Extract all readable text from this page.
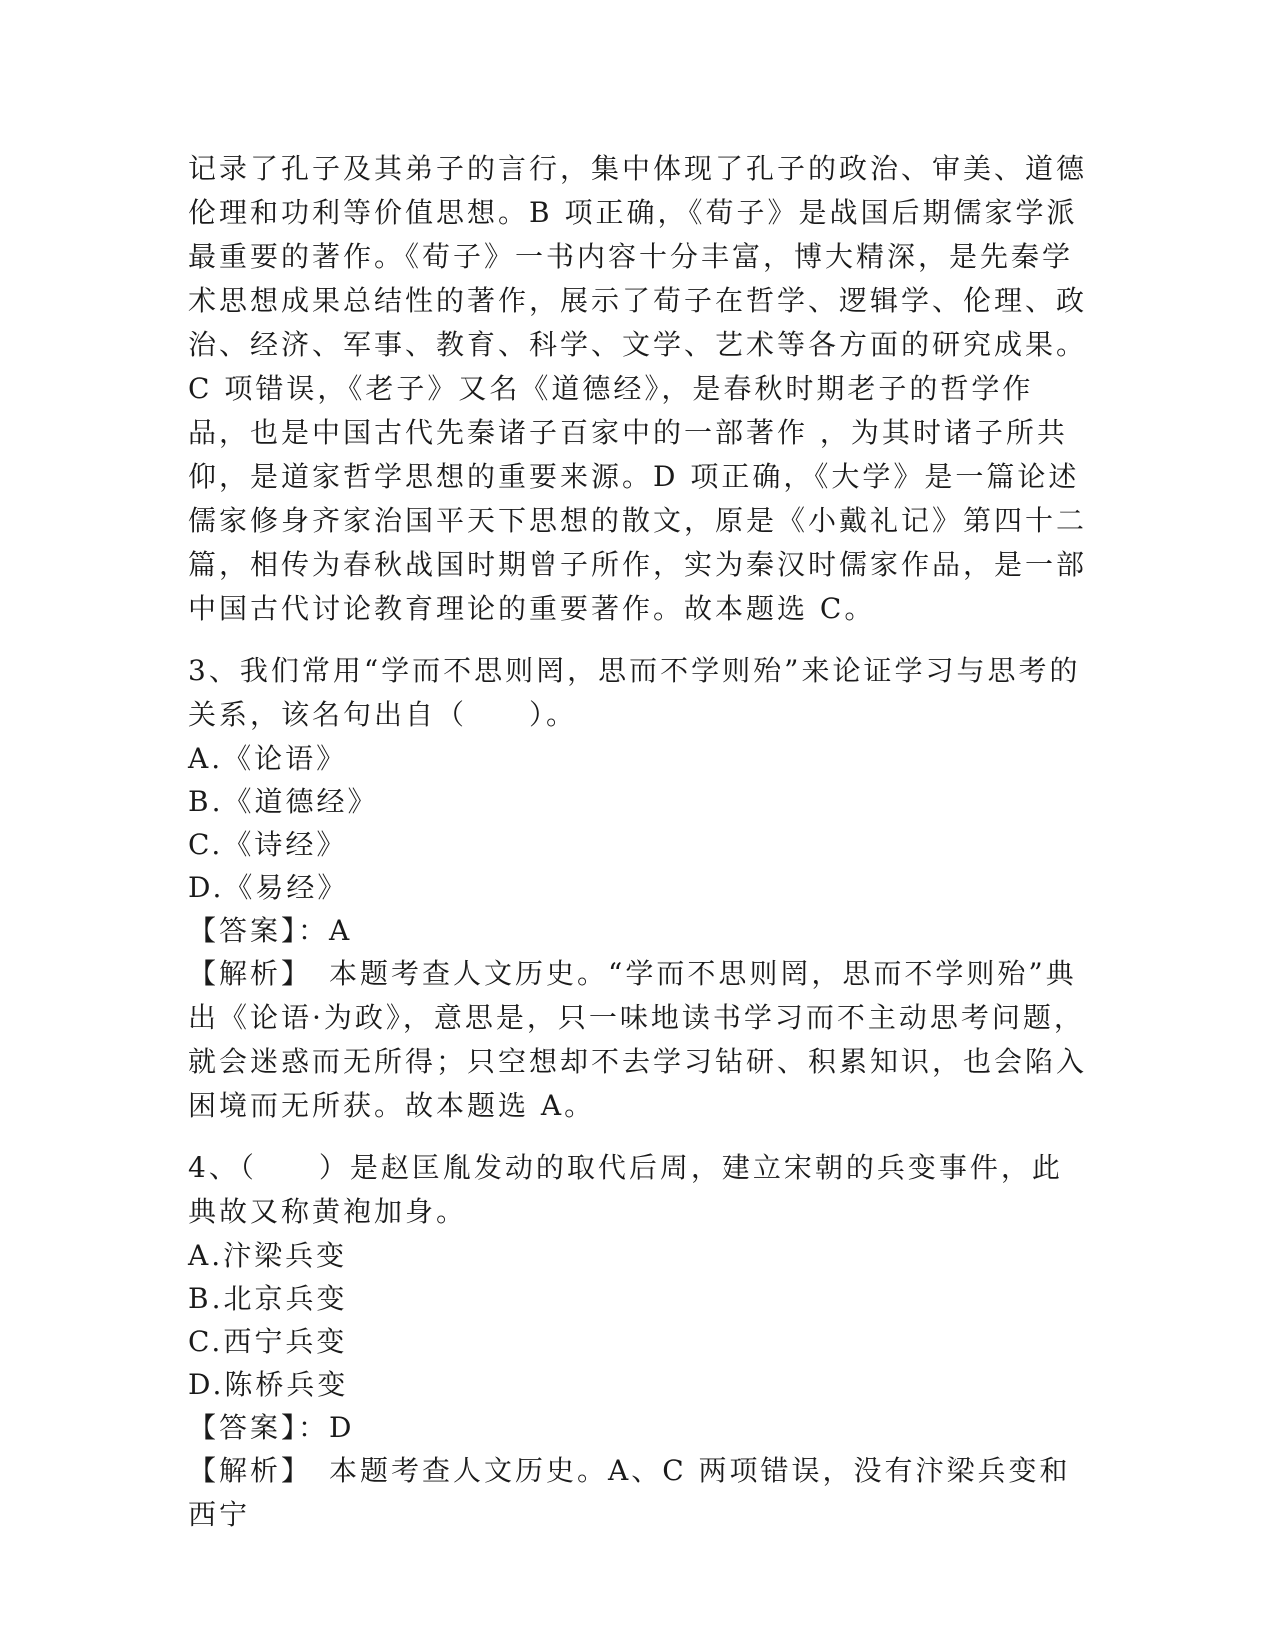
记录了孔子及其弟子的言行，集中体现了孔子的政治、审美、道德伦理和功利等价值思想。B 项正确，《荀子》是战国后期儒家学派最重要的著作。《荀子》一书内容十分丰富，博大精深，是先秦学术思想成果总结性的著作，展示了荀子在哲学、逻辑学、伦理、政治、经济、军事、教育、科学、文学、艺术等各方面的研究成果。C 项错误，《老子》又名《道德经》，是春秋时期老子的哲学作品，也是中国古代先秦诸子百家中的一部著作 ，为其时诸子所共仰，是道家哲学思想的重要来源。D 项正确，《大学》是一篇论述儒家修身齐家治国平天下思想的散文，原是《小戴礼记》第四十二篇，相传为春秋战国时期曾子所作，实为秦汉时儒家作品，是一部中国古代讨论教育理论的重要著作。故本题选 C。

3、我们常用“学而不思则罔，思而不学则殆”来论证学习与思考的关系，该名句出自（　　）。

A.《论语》

B.《道德经》

C.《诗经》

D.《易经》

【答案】：A

【解析】　本题考查人文历史。“学而不思则罔，思而不学则殆”典出《论语·为政》，意思是，只一味地读书学习而不主动思考问题，就会迷惑而无所得；只空想却不去学习钻研、积累知识，也会陷入困境而无所获。故本题选 A。

4、（　　）是赵匡胤发动的取代后周，建立宋朝的兵变事件，此典故又称黄袍加身。

A.汴梁兵变

B.北京兵变

C.西宁兵变

D.陈桥兵变

【答案】：D

【解析】　本题考查人文历史。A、C 两项错误，没有汴梁兵变和西宁
